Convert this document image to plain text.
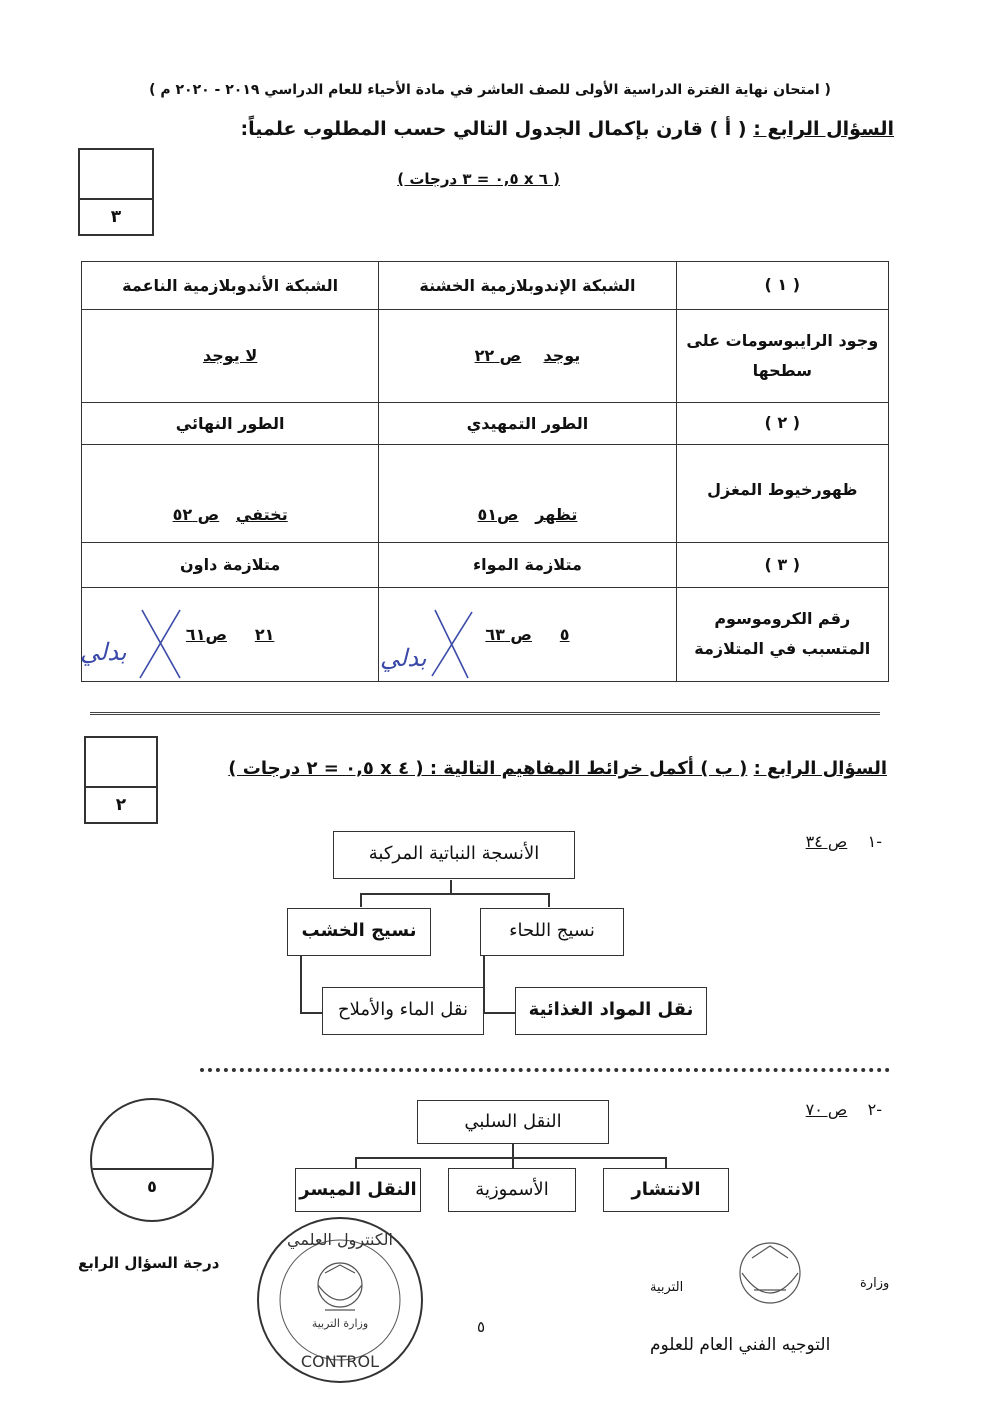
( امتحان نهاية الفترة الدراسية الأولى للصف العاشر في مادة الأحياء للعام الدراسي ٢٠١٩ - ٢٠٢٠ م )
السؤال الرابع : ( أ ) قارن بإكمال الجدول التالي حسب المطلوب علمياً:
( ٦ x ٠,٥ = ٣ درجات )
٣
( ١ )	الشبكة الإندوبلازمية الخشنة	الشبكة الأندوبلازمية الناعمة
وجود الرايبوسومات على سطحها	يوجد    ص ٢٢	لا يوجد
( ٢ )	الطور التمهيدي	الطور النهائي
ظهورخيوط المغزل	تظهر   ص٥١	تختفي   ص ٥٢
( ٣ )	متلازمة المواء	متلازمة داون
رقم الكروموسوم المتسبب في المتلازمة	٥     ص ٦٣	٢١     ص٦١
بدلي	بدلي
٢
السؤال الرابع : ( ب ) أكمل خرائط المفاهيم التالية : ( ٤ x ٠,٥ = ٢ درجات )
-١    ص ٣٤
الأنسجة النباتية المركبة
نسيج اللحاء
نسيج الخشب
نقل المواد الغذائية
نقل الماء والأملاح
-٢    ص ٧٠
النقل السلبي
الانتشار
الأسموزية
النقل الميسر
٥
درجة السؤال الرابع
الكنترول العلمي
وزارة التربية
CONTROL
٥
وزارة
التربية
التوجيه الفني العام للعلوم
